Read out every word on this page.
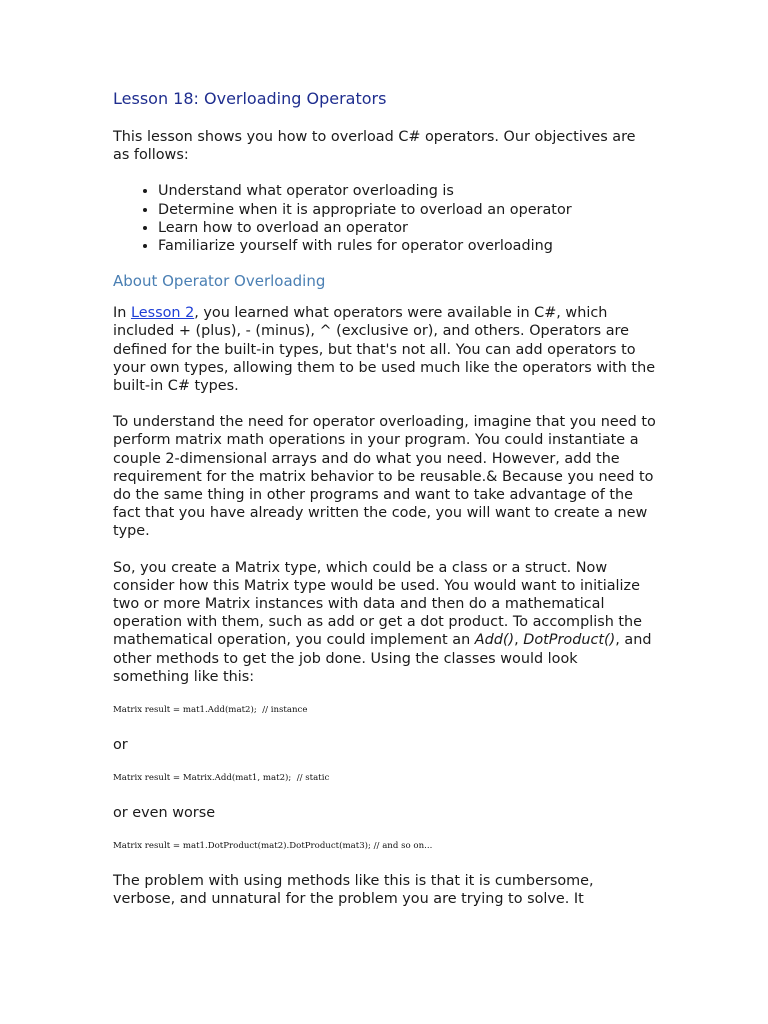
Lesson 18: Overloading Operators

This lesson shows you how to overload C# operators. Our objectives are as follows:

• Understand what operator overloading is
• Determine when it is appropriate to overload an operator
• Learn how to overload an operator
• Familiarize yourself with rules for operator overloading
About Operator Overloading

In Lesson 2, you learned what operators were available in C#, which included + (plus), - (minus), ^ (exclusive or), and others. Operators are defined for the built-in types, but that's not all. You can add operators to your own types, allowing them to be used much like the operators with the built-in C# types.

To understand the need for operator overloading, imagine that you need to perform matrix math operations in your program. You could instantiate a couple 2-dimensional arrays and do what you need. However, add the requirement for the matrix behavior to be reusable.& Because you need to do the same thing in other programs and want to take advantage of the fact that you have already written the code, you will want to create a new type.

So, you create a Matrix type, which could be a class or a struct. Now consider how this Matrix type would be used. You would want to initialize two or more Matrix instances with data and then do a mathematical operation with them, such as add or get a dot product. To accomplish the mathematical operation, you could implement an Add(), DotProduct(), and other methods to get the job done. Using the classes would look something like this:

Matrix result = mat1.Add(mat2);  // instance
or
Matrix result = Matrix.Add(mat1, mat2);  // static
or even worse
Matrix result = mat1.DotProduct(mat2).DotProduct(mat3); // and so on...

The problem with using methods like this is that it is cumbersome, verbose, and unnatural for the problem you are trying to solve. It
